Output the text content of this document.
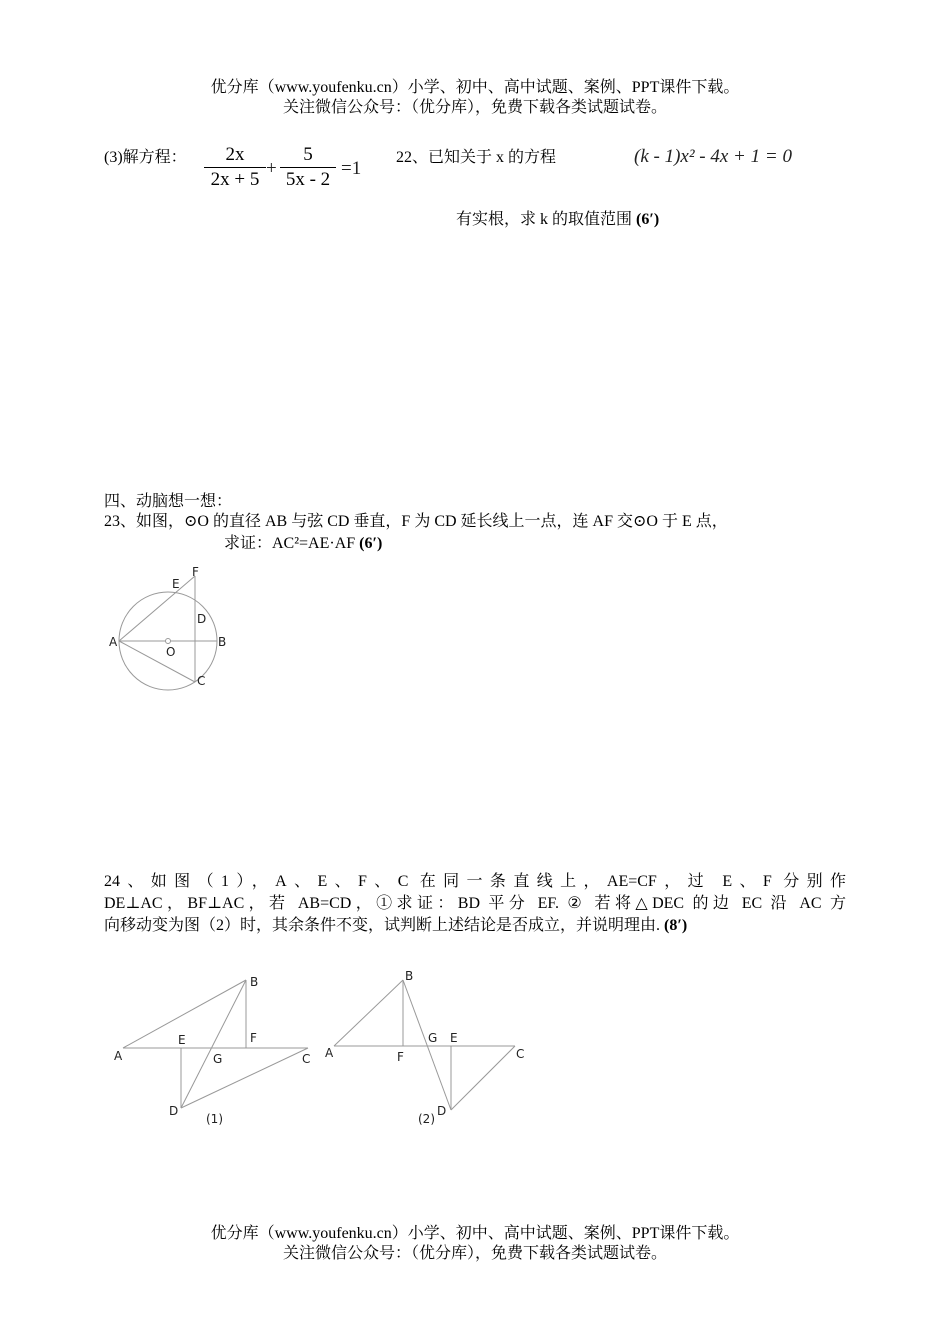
优分库（www.youfenku.cn）小学、初中、高中试题、案例、PPT课件下载。
关注微信公众号：（优分库），免费下载各类试题试卷。
(3)解方程：	2x
2x + 5
+
5
5x - 2
=1
22、已知关于 x 的方程	(k - 1)x² - 4x + 1 = 0
有实根，求 k 的取值范围 (6′)
四、动脑想一想：
23、如图，⊙O 的直径 AB 与弦 CD 垂直，F 为 CD 延长线上一点，连 AF 交⊙O 于 E 点，
求证：AC²=AE·AF (6′)
A	B
C
D
E
F
O
24、如图（1），A、E、F、C 在同一条直线上，AE=CF，过 E、F 分别作
DE⊥AC，BF⊥AC，若 AB=CD，①求证：BD 平分 EF. ② 若将△DEC 的边 EC 沿 AC 方
向移动变为图（2）时，其余条件不变，试判断上述结论是否成立，并说明理由. (8′)
A
B
C
D
E	F
G
(1)
A
B
C
D
E
F
G
(2)
优分库（www.youfenku.cn）小学、初中、高中试题、案例、PPT课件下载。
关注微信公众号：（优分库），免费下载各类试题试卷。
